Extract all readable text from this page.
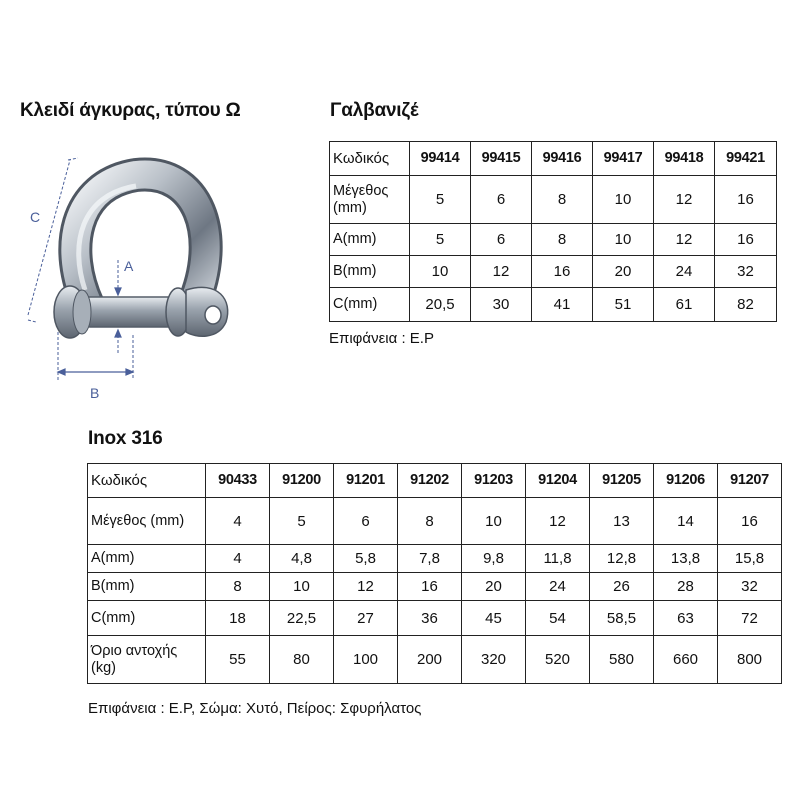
Κλειδί άγκυρας, τύπου Ω
C
A
B
Γαλβανιζέ
Κωδικός	99414	99415	99416	99417	99418	99421
Μέγεθος (mm)	5	6	8	10	12	16
A(mm)	5	6	8	10	12	16
B(mm)	10	12	16	20	24	32
C(mm)	20,5	30	41	51	61	82
Επιφάνεια : E.P
Inox 316
Κωδικός	90433	91200	91201	91202	91203	91204	91205	91206	91207
Μέγεθος (mm)	4	5	6	8	10	12	13	14	16
A(mm)	4	4,8	5,8	7,8	9,8	11,8	12,8	13,8	15,8
B(mm)	8	10	12	16	20	24	26	28	32
C(mm)	18	22,5	27	36	45	54	58,5	63	72
Όριο αντοχής (kg)	55	80	100	200	320	520	580	660	800
Επιφάνεια : E.P, Σώμα: Χυτό, Πείρος: Σφυρήλατος
